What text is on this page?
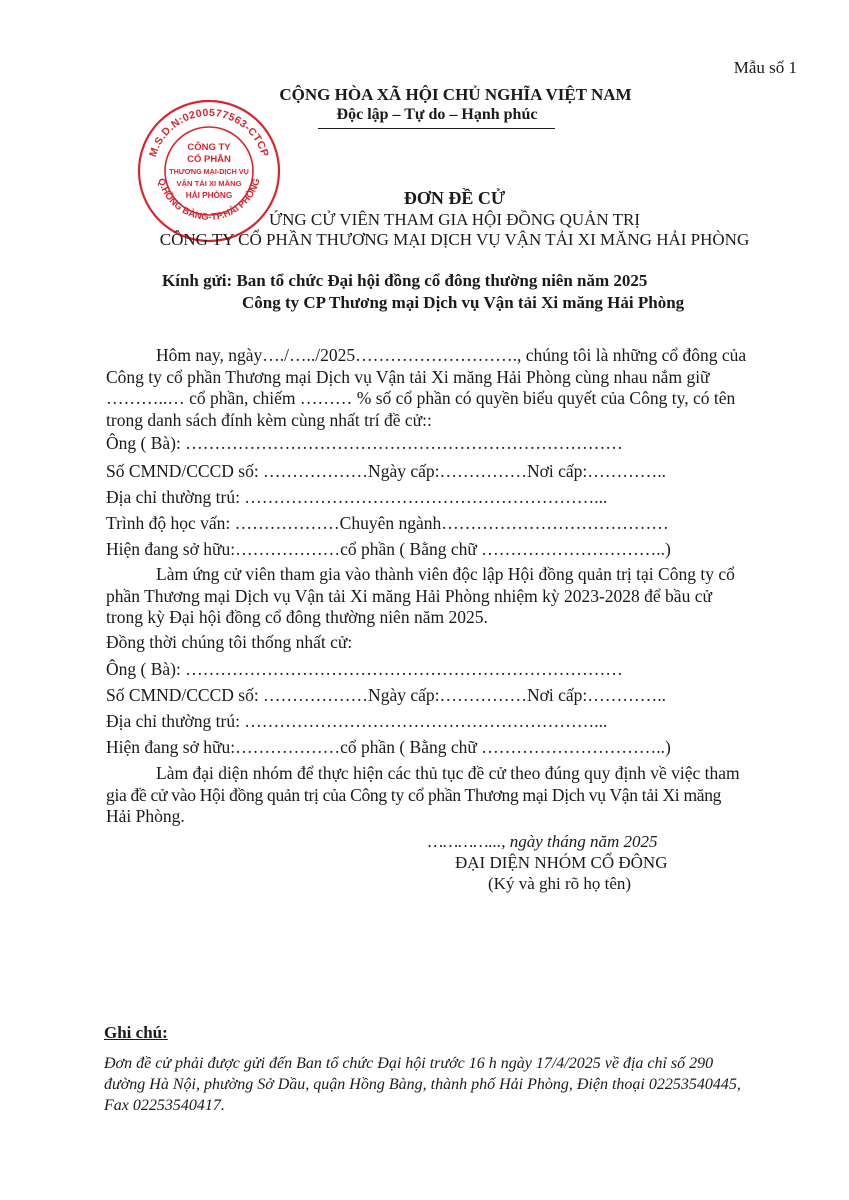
Mẫu số 1
CỘNG HÒA XÃ HỘI CHỦ NGHĨA VIỆT NAM
Độc lập – Tự do – Hạnh phúc
M.S.D.N:0200577563-CTCP
Q.HỒNG BÀNG-TP.HẢI PHÒNG
CÔNG TY
CỔ PHẦN
THƯƠNG MẠI-DỊCH VỤ
VẬN TẢI XI MĂNG
HẢI PHÒNG	ĐƠN ĐỀ CỬ
ỨNG CỬ VIÊN THAM GIA HỘI ĐỒNG QUẢN TRỊ
CÔNG TY CỔ PHẦN THƯƠNG MẠI DỊCH VỤ VẬN TẢI XI MĂNG HẢI PHÒNG
Kính gửi: Ban tổ chức Đại hội đồng cổ đông thường niên năm 2025
Công ty CP Thương mại Dịch vụ Vận tải Xi măng Hải Phòng
Hôm nay, ngày…./…../2025………………………., chúng tôi là những cổ đông của
Công ty cổ phần Thương mại Dịch vụ Vận tải Xi măng Hải Phòng cùng nhau nắm giữ
………..… cổ phần, chiếm ……… % số cổ phần có quyền biểu quyết của Công ty, có tên
trong danh sách đính kèm cùng nhất trí đề cử::
Ông ( Bà): …………………………………………………………………
Số CMND/CCCD số: ………………Ngày cấp:……………Nơi cấp:…………..
Địa chỉ thường trú: ……………………………………………………...
Trình độ học vấn: ………………Chuyên ngành…………………………………
Hiện đang sở hữu:………………cổ phần ( Bằng chữ …………………………..)
Làm ứng cử viên tham gia vào thành viên độc lập Hội đồng quản trị tại Công ty cổ
phần Thương mại Dịch vụ Vận tải Xi măng Hải Phòng nhiệm kỳ 2023-2028 để bầu cử
trong kỳ Đại hội đồng cổ đông thường niên năm 2025.
Đồng thời chúng tôi thống nhất cử:
Ông ( Bà): …………………………………………………………………
Số CMND/CCCD số: ………………Ngày cấp:……………Nơi cấp:…………..
Địa chỉ thường trú: ……………………………………………………...
Hiện đang sở hữu:………………cổ phần ( Bằng chữ …………………………..)
Làm đại diện nhóm để thực hiện các thủ tục đề cử theo đúng quy định về việc tham
gia đề cử vào Hội đồng quản trị của Công ty cổ phần Thương mại Dịch vụ Vận tải Xi măng
Hải Phòng.
…………..., ngày tháng năm 2025
ĐẠI DIỆN NHÓM CỔ ĐÔNG
(Ký và ghi rõ họ tên)
Ghi chú:
Đơn đề cử phải được gửi đến Ban tổ chức Đại hội trước 16 h ngày 17/4/2025 về địa chỉ số 290
đường Hà Nội, phường Sở Dầu, quận Hồng Bàng, thành phố Hải Phòng, Điện thoại 02253540445,
Fax 02253540417.
